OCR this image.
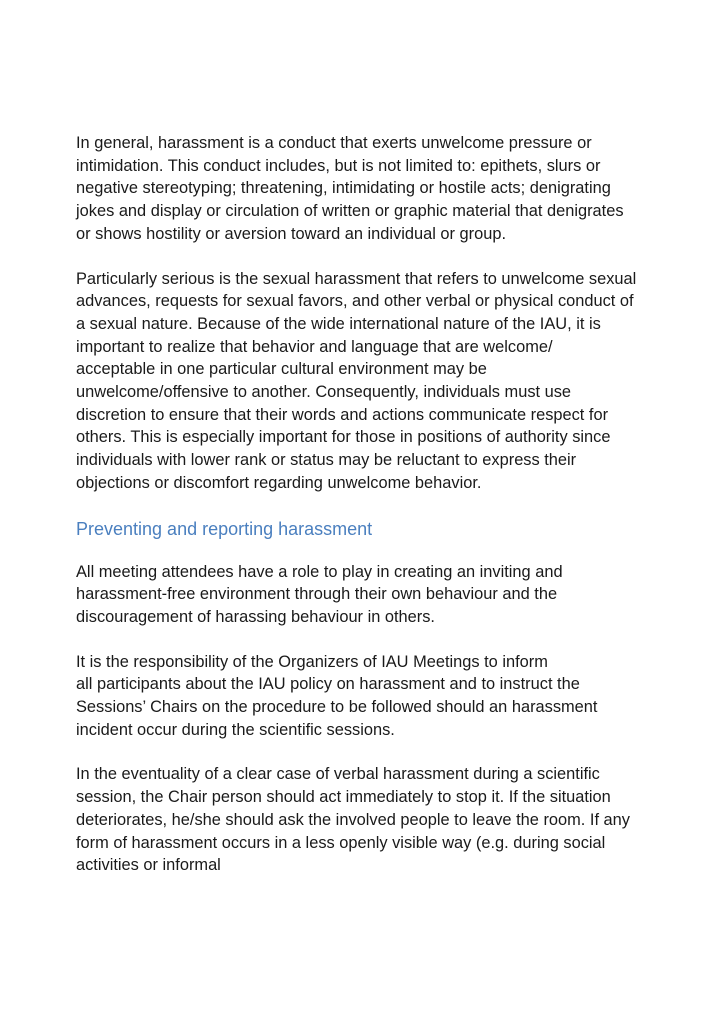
In general, harassment is a conduct that exerts unwelcome pressure or
intimidation. This conduct includes, but is not limited to: epithets, slurs or
negative stereotyping; threatening, intimidating or hostile acts; denigrating
jokes and display or circulation of written or graphic material that denigrates
or shows hostility or aversion toward an individual or group.

Particularly serious is the sexual harassment that refers to unwelcome sexual
advances, requests for sexual favors, and other verbal or physical conduct of
a sexual nature. Because of the wide international nature of the IAU, it is
important to realize that behavior and language that are welcome/
acceptable in one particular cultural environment may be
unwelcome/offensive to another. Consequently, individuals must use
discretion to ensure that their words and actions communicate respect for
others. This is especially important for those in positions of authority since
individuals with lower rank or status may be reluctant to express their
objections or discomfort regarding unwelcome behavior.

Preventing and reporting harassment

All meeting attendees have a role to play in creating an inviting and
harassment-free environment through their own behaviour and the
discouragement of harassing behaviour in others.

It is the responsibility of the Organizers of IAU Meetings to inform
all participants about the IAU policy on harassment and to instruct the
Sessions’ Chairs on the procedure to be followed should an harassment
incident occur during the scientific sessions.

In the eventuality of a clear case of verbal harassment during a scientific
session, the Chair person should act immediately to stop it. If the situation
deteriorates, he/she should ask the involved people to leave the room. If any
form of harassment occurs in a less openly visible way (e.g. during social
activities or informal
